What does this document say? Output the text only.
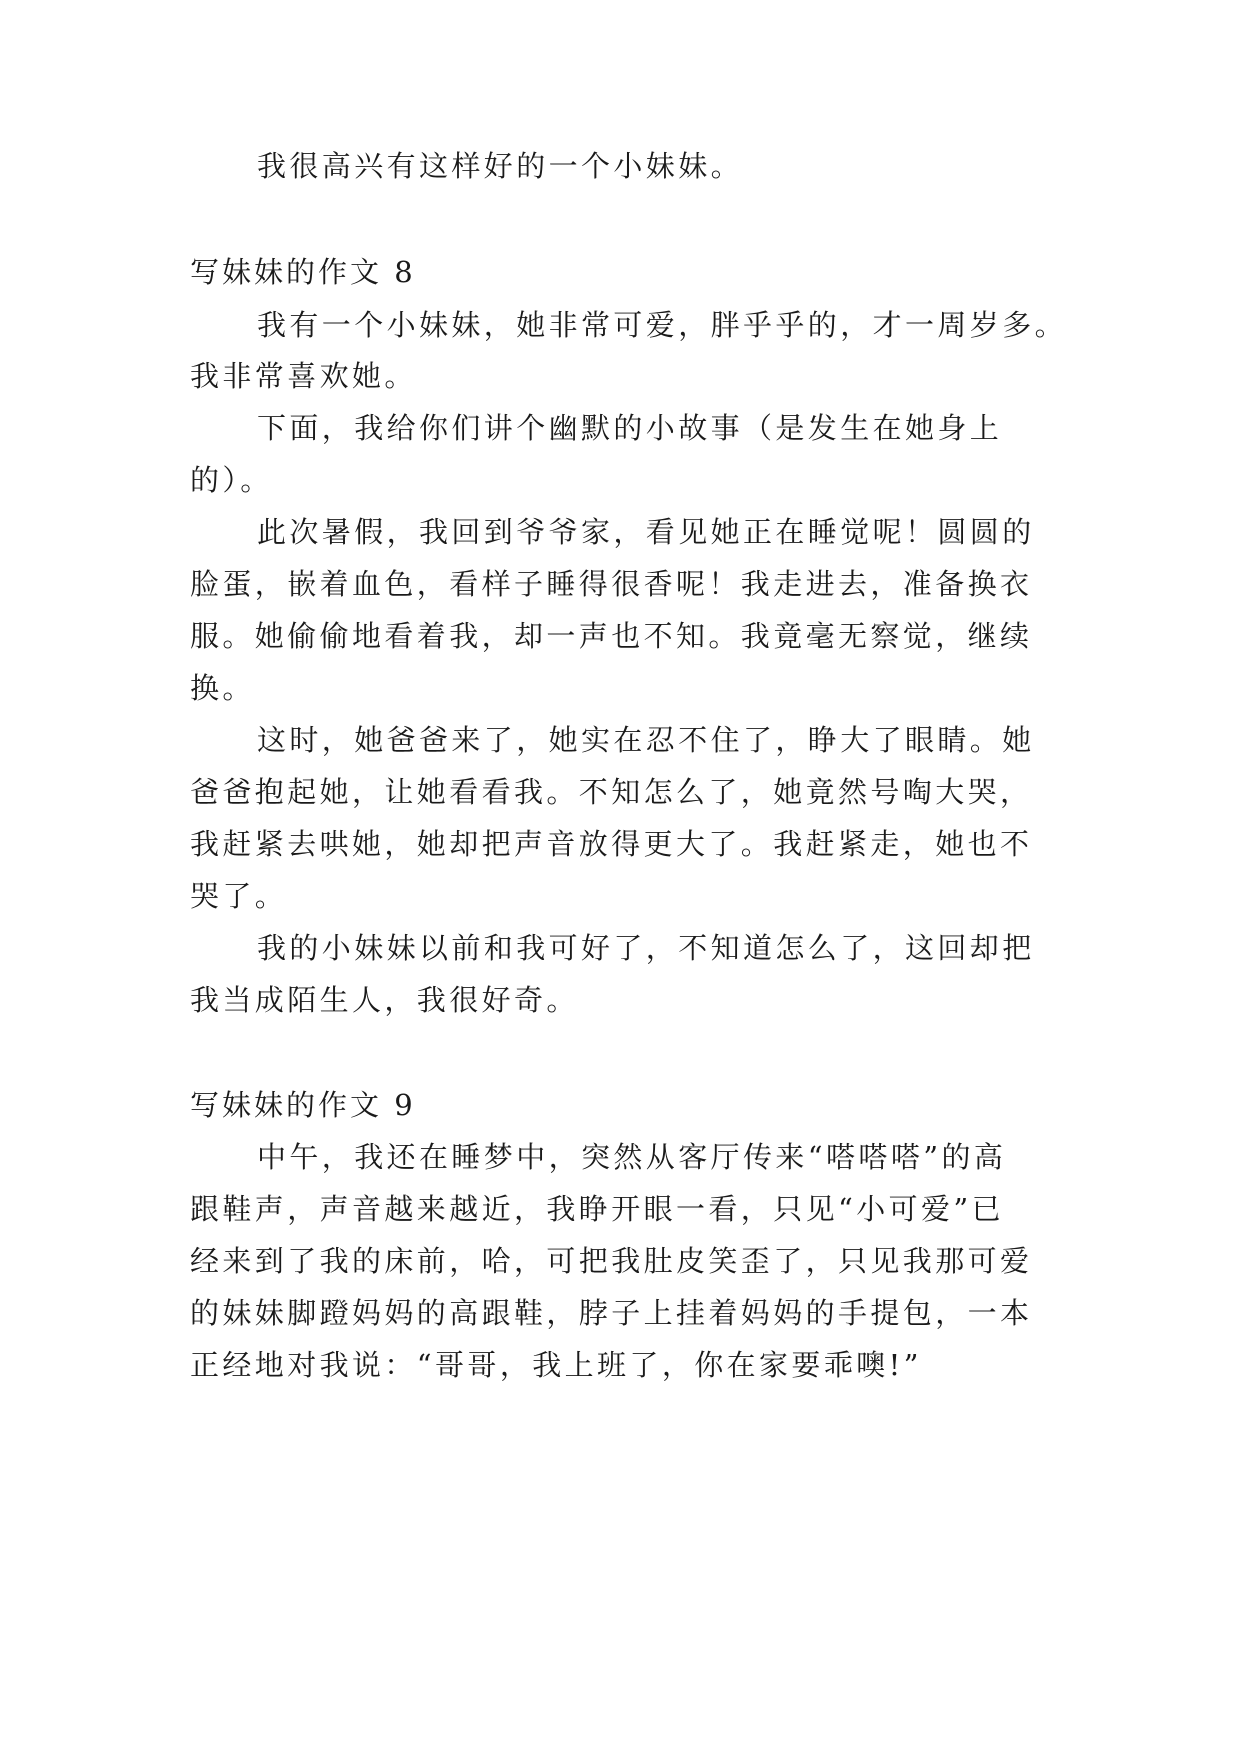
我很高兴有这样好的一个小妹妹。
写妹妹的作文 8
我有一个小妹妹，她非常可爱，胖乎乎的，才一周岁多。
我非常喜欢她。
下面，我给你们讲个幽默的小故事（是发生在她身上
的）。
此次暑假，我回到爷爷家，看见她正在睡觉呢！圆圆的
脸蛋，嵌着血色，看样子睡得很香呢！我走进去，准备换衣
服。她偷偷地看着我，却一声也不知。我竟毫无察觉，继续
换。
这时，她爸爸来了，她实在忍不住了，睁大了眼睛。她
爸爸抱起她，让她看看我。不知怎么了，她竟然号啕大哭，
我赶紧去哄她，她却把声音放得更大了。我赶紧走，她也不
哭了。
我的小妹妹以前和我可好了，不知道怎么了，这回却把
我当成陌生人，我很好奇。
写妹妹的作文 9
中午，我还在睡梦中，突然从客厅传来“嗒嗒嗒”的高
跟鞋声，声音越来越近，我睁开眼一看，只见“小可爱”已
经来到了我的床前，哈，可把我肚皮笑歪了，只见我那可爱
的妹妹脚蹬妈妈的高跟鞋，脖子上挂着妈妈的手提包，一本
正经地对我说：“哥哥，我上班了，你在家要乖噢!”
